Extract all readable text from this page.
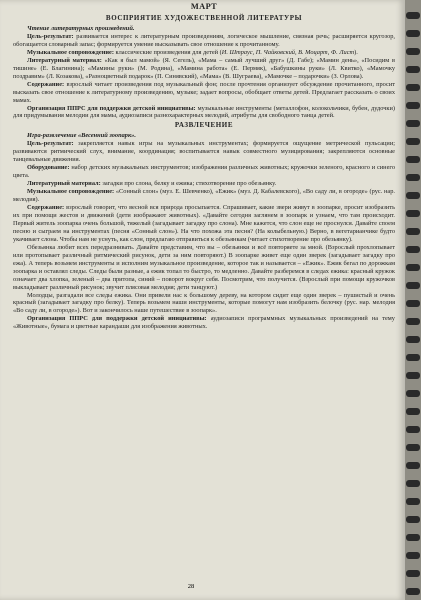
МАРТ
ВОСПРИЯТИЕ ХУДОЖЕСТВЕННОЙ ЛИТЕРАТУРЫ

Чтение литературных произведений.

Цель-результат: развивается интерес к литературным произведениям, логическое мышление, связная речь; расширяется кругозор, обогащается словарный запас; формируется умение высказывать свое отношение к прочитанному.

Музыкальное сопровождение: классические произведения для детей (И. Штраус, П. Чайковский, В. Моцарт, Ф. Лист).

Литературный материал: «Как я был мамой» (Я. Сегель), «Мама – самый лучший друг» (Д. Габе); «Мамин день», «Посидим в тишине» (Е. Благинина); «Мамины руки» (М. Родина), «Мамина работа» (Е. Пермяк), «Бабушкины руки» (Л. Квитко), «Мамочку поздравим» (Л. Козакова), «Разноцветный подарок» (П. Синявский), «Мама» (В. Шуграева), «Мамочке – подарочки» (З. Орлова).

Содержание: взрослый читает произведения под музыкальный фон; после прочтения организует обсуждение прочитанного, просит высказать свое отношение к литературному произведению, музыке; задает вопросы, обобщает ответы детей. Предлагает рассказать о своих мамах.

Организация ППРС для поддержки детской инициативы: музыкальные инструменты (металлофон, колокольчики, бубен, дудочки) для придумывания мелодии для мамы, аудиозаписи разнохарактерных мелодий, атрибуты для свободного танца детей.

РАЗВЛЕЧЕНИЕ

Игра-развлечение «Весенний зоопарк».

Цель-результат: закрепляется навык игры на музыкальных инструментах; формируется ощущение метрической пульсации; развиваются ритмический слух, внимание, координация; воспитывается навык совместного музицирования; закрепляются основные танцевальные движения.

Оборудование: набор детских музыкальных инструментов; изображения различных животных; кружочки зеленого, красного и синего цвета.

Литературный материал: загадки про слона, белку и ежика; стихотворение про обезьянку.

Музыкальное сопровождение: «Сонный слон» (муз. Е. Шевченко), «Ежик» (муз. Д. Кабалевского), «Во саду ли, в огороде» (рус. нар. мелодия).

Содержание: взрослый говорит, что весной вся природа просыпается. Спрашивает, какие звери живут в зоопарке, просит изобразить их при помощи жестов и движений (дети изображают животных). «Давайте сегодня заглянем в зоопарк и узнаем, что там происходит. Первый житель зоопарка очень большой, тяжелый (загадывает загадку про слона). Мне кажется, что слон еще не проснулся. Давайте споем песню и сыграем на инструментах (песня «Сонный слон»). На что похожа эта песня? (На колыбельную.) Верно, в вегетарианчике будто укачивает слона. Чтобы нам не уснуть, как слон, предлагаю отправиться к обезьянкам (читает стихотворение про обезьянку).

Обезьянка любит всех передразнивать. Давайте представим, что вы – обезьянки и всё повторяете за мной. (Взрослый прохлопывает или протопывает различный ритмический рисунок, дети за ним повторяют.) В зоопарке живет еще один зверек (загадывает загадку про ежа). А теперь возьмем инструменты и исполним музыкальное произведение, которое так и называется – «Ежик». Ежик бегал по дорожкам зоопарка и оставлял следы. Следы были разные, а ежик топал то быстро, то медленно. Давайте разберемся в следах ежика: красный кружок означает два хлопка, зеленый – два притопа, синий – поворот вокруг себя. Посмотрим, что получится. (Взрослый при помощи кружочков выкладывает различный рисунок; звучит плясовая мелодия; дети танцуют.)

Молодцы, разгадали все следы ежика. Они привели нас к большому дереву, на котором сидит еще один зверек – пушистый и очень красный (загадывает загадку про белку). Теперь возьмем наши инструменты, которые помогут нам изобразить белочку (рус. нар. мелодия «Во саду ли, в огороде»). Вот и закончилось наше путешествие в зоопарк».

Организация ППРС для поддержки детской инициативы: аудиозаписи программных музыкальных произведений на тему «Животные», бумага и цветные карандаши для изображения животных.

28
